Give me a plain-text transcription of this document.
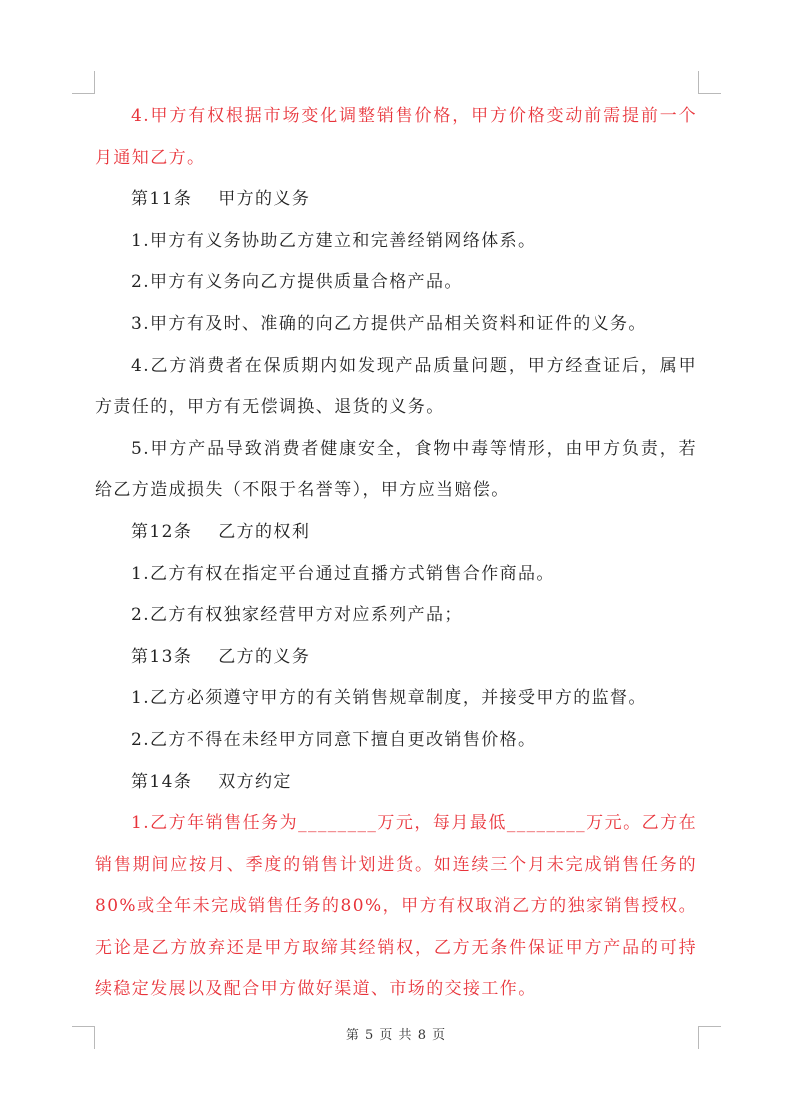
4.甲方有权根据市场变化调整销售价格，甲方价格变动前需提前一个月通知乙方。

第11条 甲方的义务

1.甲方有义务协助乙方建立和完善经销网络体系。

2.甲方有义务向乙方提供质量合格产品。

3.甲方有及时、准确的向乙方提供产品相关资料和证件的义务。

4.乙方消费者在保质期内如发现产品质量问题，甲方经查证后，属甲方责任的，甲方有无偿调换、退货的义务。

5.甲方产品导致消费者健康安全，食物中毒等情形，由甲方负责，若给乙方造成损失（不限于名誉等），甲方应当赔偿。

第12条 乙方的权利

1.乙方有权在指定平台通过直播方式销售合作商品。

2.乙方有权独家经营甲方对应系列产品；

第13条 乙方的义务

1.乙方必须遵守甲方的有关销售规章制度，并接受甲方的监督。

2.乙方不得在未经甲方同意下擅自更改销售价格。

第14条 双方约定

1.乙方年销售任务为________万元，每月最低________万元。乙方在销售期间应按月、季度的销售计划进货。如连续三个月未完成销售任务的80%或全年未完成销售任务的80%，甲方有权取消乙方的独家销售授权。无论是乙方放弃还是甲方取缔其经销权，乙方无条件保证甲方产品的可持续稳定发展以及配合甲方做好渠道、市场的交接工作。

第 5 页 共 8 页
